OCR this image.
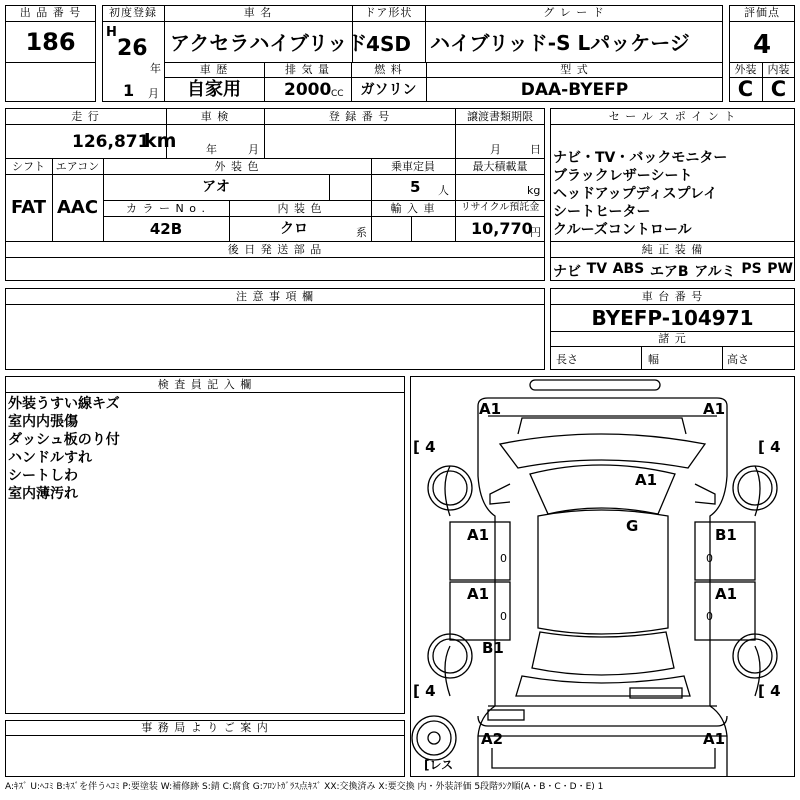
出 品 番 号
186
初度登録
H
26
年
1 月
車 名
アクセラハイブリッド
ドア形状
4SD
グ レ ー ド
ハイブリッド-S Lパッケージ
評価点
4
車 歴
自家用
排 気 量
2000 CC
燃 料
ガソリン
型 式
DAA-BYEFP
外装	内装
C C
走 行
126,871
km
車 検
年	月
登 録 番 号	譲渡書類期限
月	日
シフト エアコン
FAT AAC
外 装 色
アオ
乗車定員
5 人
最大積載量
kg
カ ラ ー N o .
42B
内 装 色
クロ	系
輸 入 車	リサイクル預託金
10,770
円
後 日 発 送 部 品
注 意 事 項 欄
セ ー ル ス ポ イ ン ト
ナビ・TV・バックモニター
ブラックレザーシート
ヘッドアップディスプレイ
シートヒーター
クルーズコントロール
純 正 装 備
ナビ TV ABS エアB アルミ PS PW
車 台 番 号
BYEFP-104971
諸 元
長さ	幅	高さ
検 査 員 記 入 欄
外装うすい線キズ
室内内張傷
ダッシュ板のり付
ハンドルすれ
シートしわ
室内薄汚れ
事 務 局 よ り ご 案 内
A1	A1
A1
G
A1	B1
A1	A1
B1
A2	A1
[ 4	[ 4
[ 4	[ 4
0
0
0
0
[レス
A:ｷｽﾞ U:ﾍｺﾐ B:ｷｽﾞを伴うﾍｺﾐ P:要塗装 W:補修跡 S:錆 C:腐食 G:ﾌﾛﾝﾄｶﾞﾗｽ点ｷｽﾞ XX:交換済み X:要交換 内・外装評価 5段階ﾗﾝｸ順(A・B・C・D・E) 1
